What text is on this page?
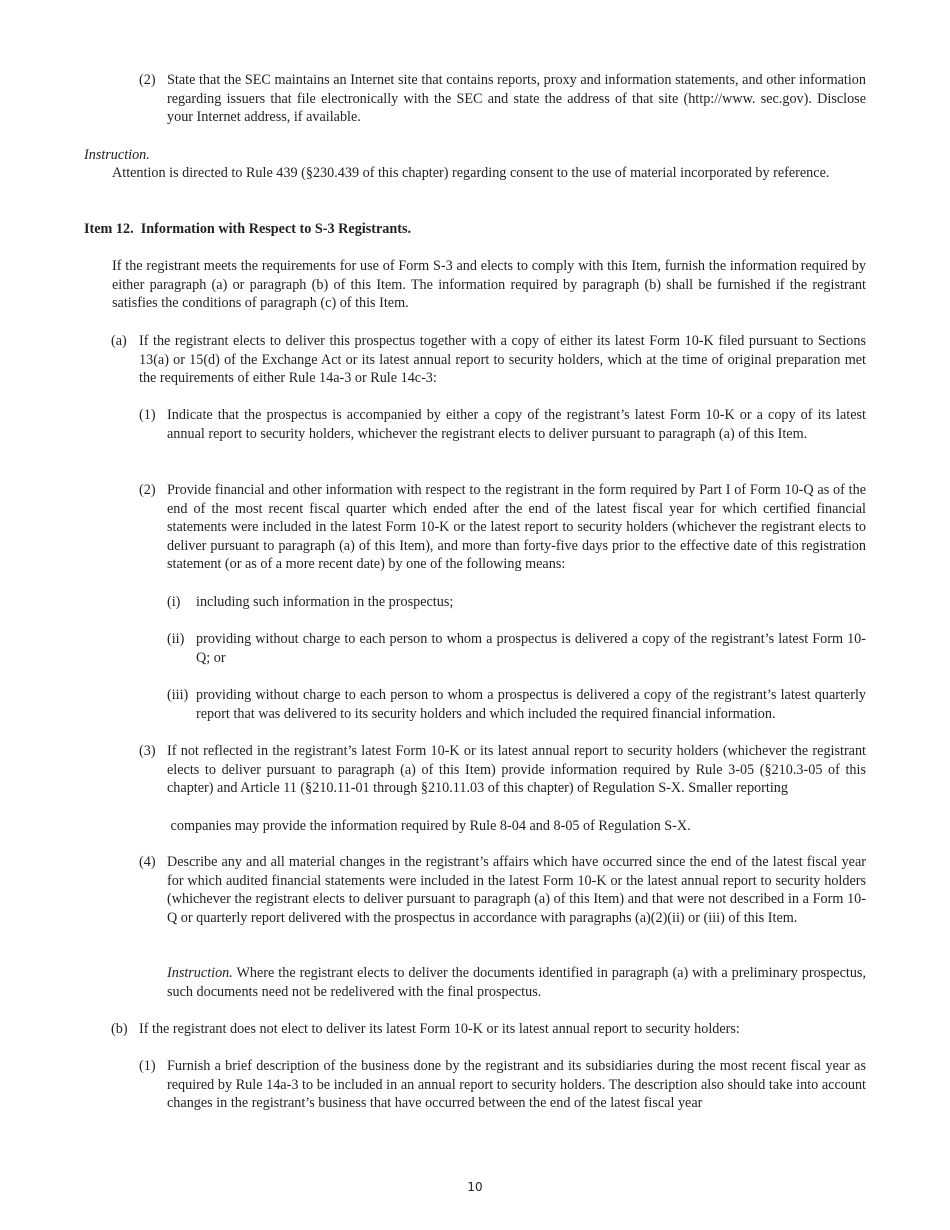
(2) State that the SEC maintains an Internet site that contains reports, proxy and information statements, and other information regarding issuers that file electronically with the SEC and state the address of that site (http://www. sec.gov). Disclose your Internet address, if available.

Instruction.

Attention is directed to Rule 439 (§230.439 of this chapter) regarding consent to the use of material incorporated by reference.

Item 12.  Information with Respect to S-3 Registrants.

If the registrant meets the requirements for use of Form S-3 and elects to comply with this Item, furnish the information required by either paragraph (a) or paragraph (b) of this Item. The information required by paragraph (b) shall be furnished if the registrant satisfies the conditions of paragraph (c) of this Item.

(a) If the registrant elects to deliver this prospectus together with a copy of either its latest Form 10-K filed pursuant to Sections 13(a) or 15(d) of the Exchange Act or its latest annual report to security holders, which at the time of original preparation met the requirements of either Rule 14a-3 or Rule 14c-3:

(1) Indicate that the prospectus is accompanied by either a copy of the registrant’s latest Form 10-K or a copy of its latest annual report to security holders, whichever the registrant elects to deliver pursuant to paragraph (a) of this Item.

(2) Provide financial and other information with respect to the registrant in the form required by Part I of Form 10-Q as of the end of the most recent fiscal quarter which ended after the end of the latest fiscal year for which certified financial statements were included in the latest Form 10-K or the latest report to security holders (whichever the registrant elects to deliver pursuant to paragraph (a) of this Item), and more than forty-five days prior to the effective date of this registration statement (or as of a more recent date) by one of the following means:

(i) including such information in the prospectus;

(ii) providing without charge to each person to whom a prospectus is delivered a copy of the registrant’s latest Form 10-Q; or

(iii) providing without charge to each person to whom a prospectus is delivered a copy of the registrant’s latest quarterly report that was delivered to its security holders and which included the required financial information.

(3) If not reflected in the registrant’s latest Form 10-K or its latest annual report to security holders (whichever the registrant elects to deliver pursuant to paragraph (a) of this Item) provide information required by Rule 3-05 (§210.3-05 of this chapter) and Article 11 (§210.11-01 through §210.11.03 of this chapter) of Regulation S-X. Smaller reporting

companies may provide the information required by Rule 8-04 and 8-05 of Regulation S-X.
(4) Describe any and all material changes in the registrant’s affairs which have occurred since the end of the latest fiscal year for which audited financial statements were included in the latest Form 10-K or the latest annual report to security holders (whichever the registrant elects to deliver pursuant to paragraph (a) of this Item) and that were not described in a Form 10-Q or quarterly report delivered with the prospectus in accordance with paragraphs (a)(2)(ii) or (iii) of this Item.

Instruction. Where the registrant elects to deliver the documents identified in paragraph (a) with a preliminary prospectus, such documents need not be redelivered with the final prospectus.

(b) If the registrant does not elect to deliver its latest Form 10-K or its latest annual report to security holders:

(1) Furnish a brief description of the business done by the registrant and its subsidiaries during the most recent fiscal year as required by Rule 14a-3 to be included in an annual report to security holders. The description also should take into account changes in the registrant’s business that have occurred between the end of the latest fiscal year

10
